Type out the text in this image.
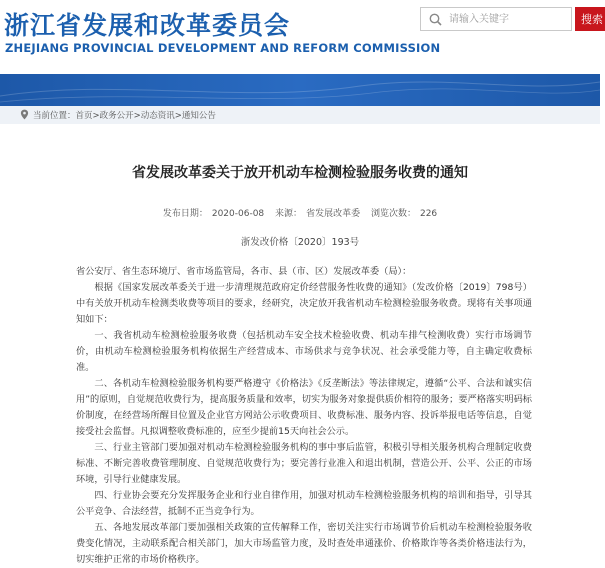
浙江省发展和改革委员会
ZHEJIANG PROVINCIAL DEVELOPMENT AND REFORM COMMISSION
请输入关键字
搜索
当前位置：首页>政务公开>动态资讯>通知公告
省发展改革委关于放开机动车检测检验服务收费的通知
发布日期： 2020-06-08 来源： 省发展改革委 浏览次数： 226
浙发改价格〔2020〕193号

省公安厅、省生态环境厅、省市场监管局，各市、县（市、区）发展改革委（局）：

根据《国家发展改革委关于进一步清理规范政府定价经营服务性收费的通知》（发改价格〔2019〕798号）中有关放开机动车检测类收费等项目的要求，经研究，决定放开我省机动车检测检验服务收费。现将有关事项通知如下：

一、我省机动车检测检验服务收费（包括机动车安全技术检验收费、机动车排气检测收费）实行市场调节价，由机动车检测检验服务机构依据生产经营成本、市场供求与竞争状况、社会承受能力等，自主确定收费标准。

二、各机动车检测检验服务机构要严格遵守《价格法》《反垄断法》等法律规定，遵循“公平、合法和诚实信用”的原则，自觉规范收费行为，提高服务质量和效率，切实为服务对象提供质价相符的服务；要严格落实明码标价制度，在经营场所醒目位置及企业官方网站公示收费项目、收费标准、服务内容、投诉举报电话等信息，自觉接受社会监督。凡拟调整收费标准的，应至少提前15天向社会公示。

三、行业主管部门要加强对机动车检测检验服务机构的事中事后监管，积极引导相关服务机构合理制定收费标准、不断完善收费管理制度、自觉规范收费行为；要完善行业准入和退出机制，营造公开、公平、公正的市场环境，引导行业健康发展。

四、行业协会要充分发挥服务企业和行业自律作用，加强对机动车检测检验服务机构的培训和指导，引导其公平竞争、合法经营，抵制不正当竞争行为。

五、各地发展改革部门要加强相关政策的宣传解释工作，密切关注实行市场调节价后机动车检测检验服务收费变化情况，主动联系配合相关部门，加大市场监管力度，及时查处串通涨价、价格欺诈等各类价格违法行为，切实维护正常的市场价格秩序。
